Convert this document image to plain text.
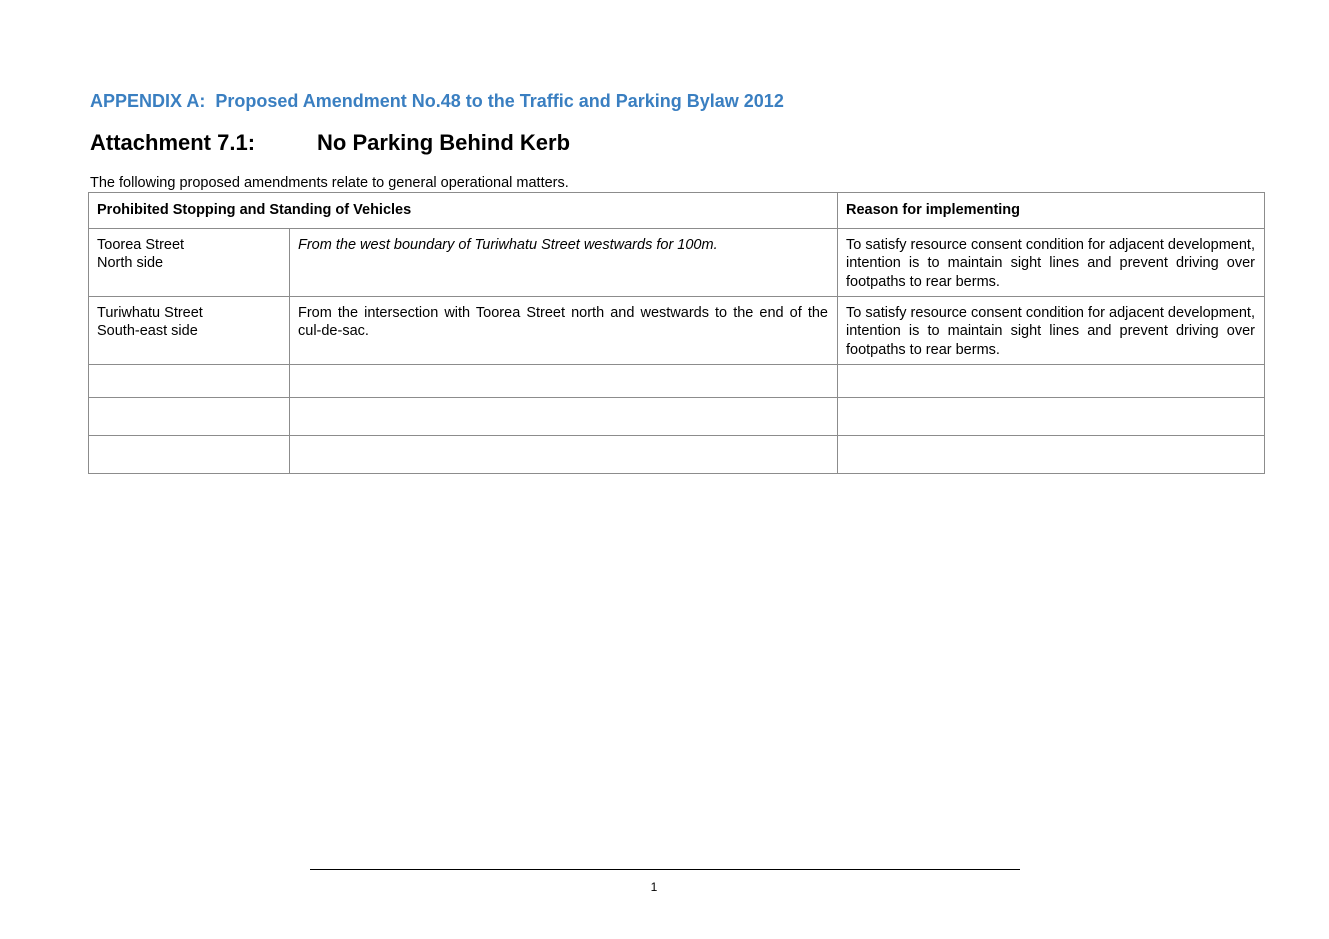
APPENDIX A:  Proposed Amendment No.48 to the Traffic and Parking Bylaw 2012
Attachment 7.1:	No Parking Behind Kerb

The following proposed amendments relate to general operational matters.

Prohibited Stopping and Standing of Vehicles		Reason for implementing

Toorea Street
North side	From the west boundary of Turiwhatu Street westwards for 100m.	To satisfy resource consent condition for adjacent development, intention is to maintain sight lines and prevent driving over footpaths to rear berms.

Turiwhatu Street
South-east side	From the intersection with Toorea Street north and westwards to the end of the cul-de-sac.	To satisfy resource consent condition for adjacent development, intention is to maintain sight lines and prevent driving over footpaths to rear berms.

1
